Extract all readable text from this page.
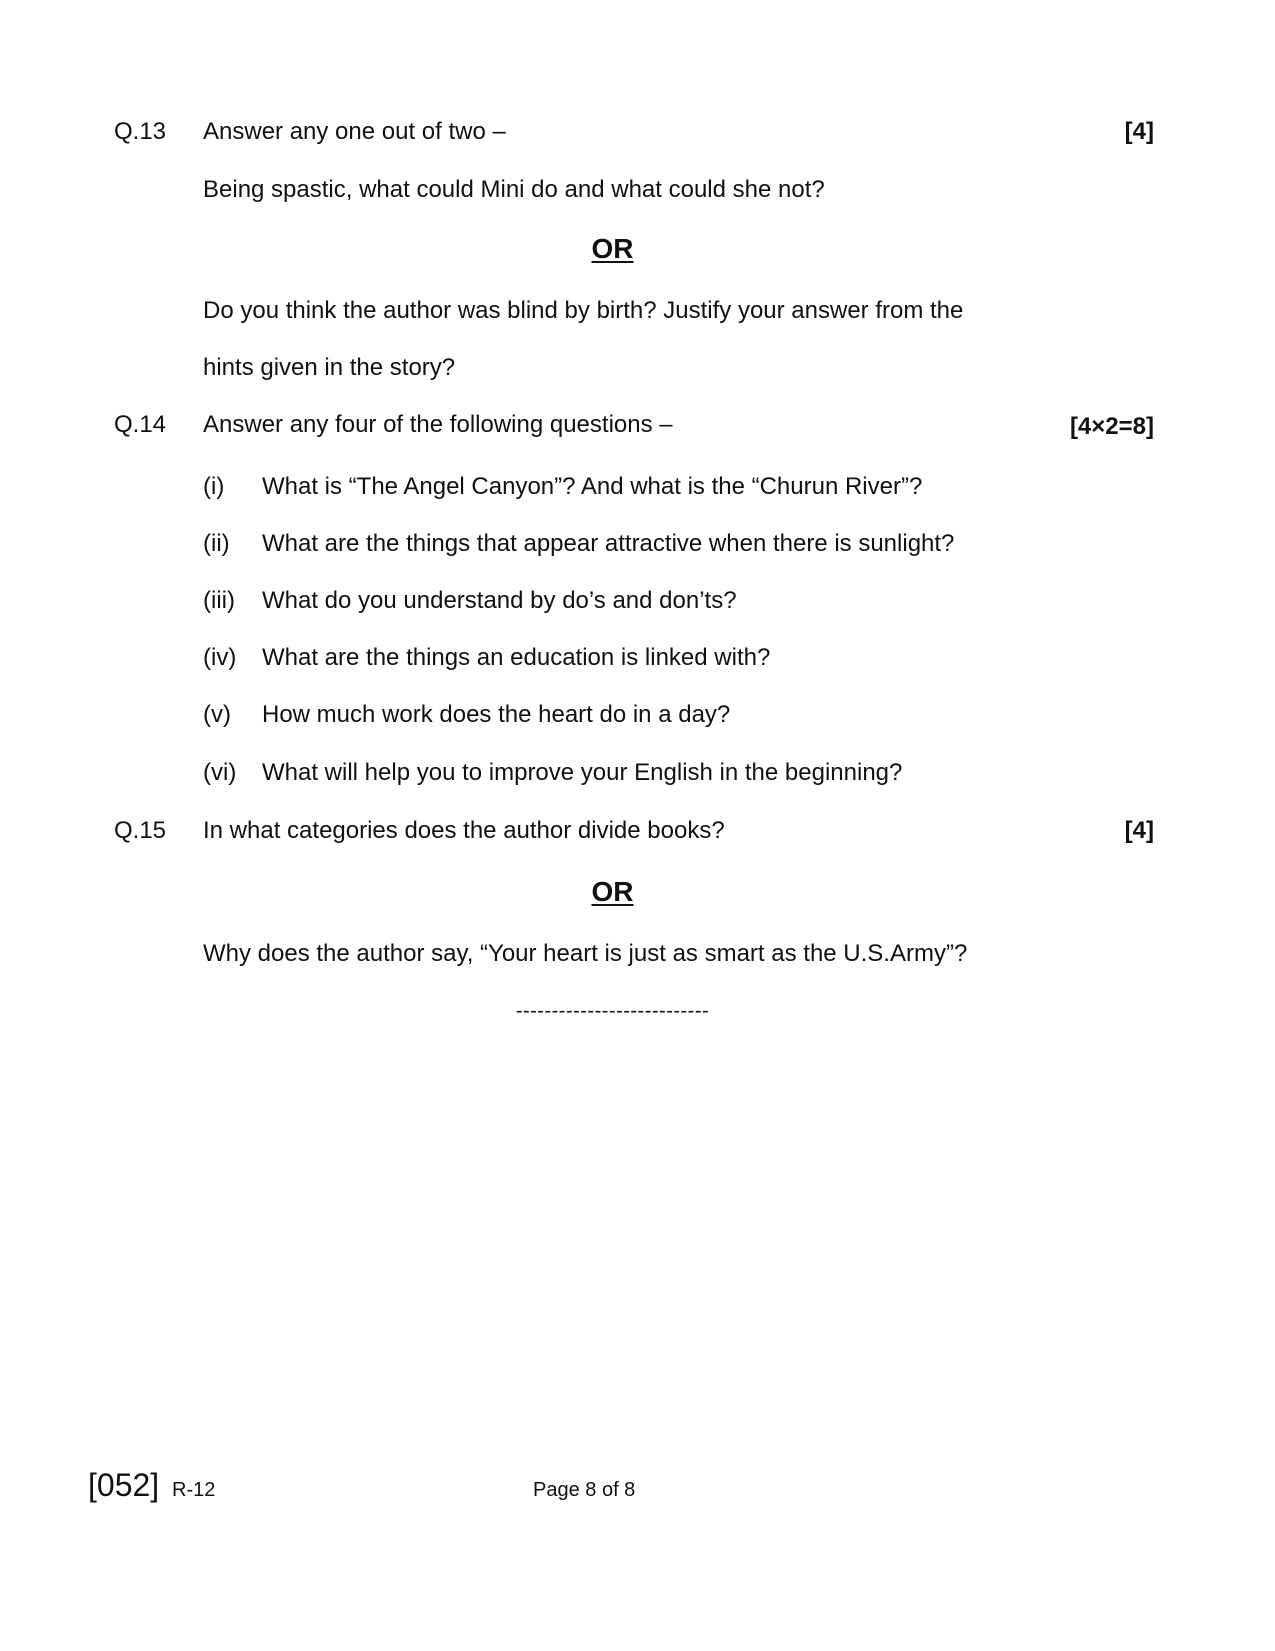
Q.13 Answer any one out of two –	[4]
Being spastic, what could Mini do and what could she not?
OR
Do you think the author was blind by birth? Justify your answer from the
hints given in the story?
Q.14 Answer any four of the following questions –	[4×2=8]
(i) What is “The Angel Canyon”? And what is the “Churun River”?
(ii) What are the things that appear attractive when there is sunlight?
(iii) What do you understand by do’s and don’ts?
(iv) What are the things an education is linked with?
(v) How much work does the heart do in a day?
(vi) What will help you to improve your English in the beginning?
Q.15 In what categories does the author divide books?	[4]
OR
Why does the author say, “Your heart is just as smart as the U.S.Army”?
---------------------------
[052] R-12	Page 8 of 8
